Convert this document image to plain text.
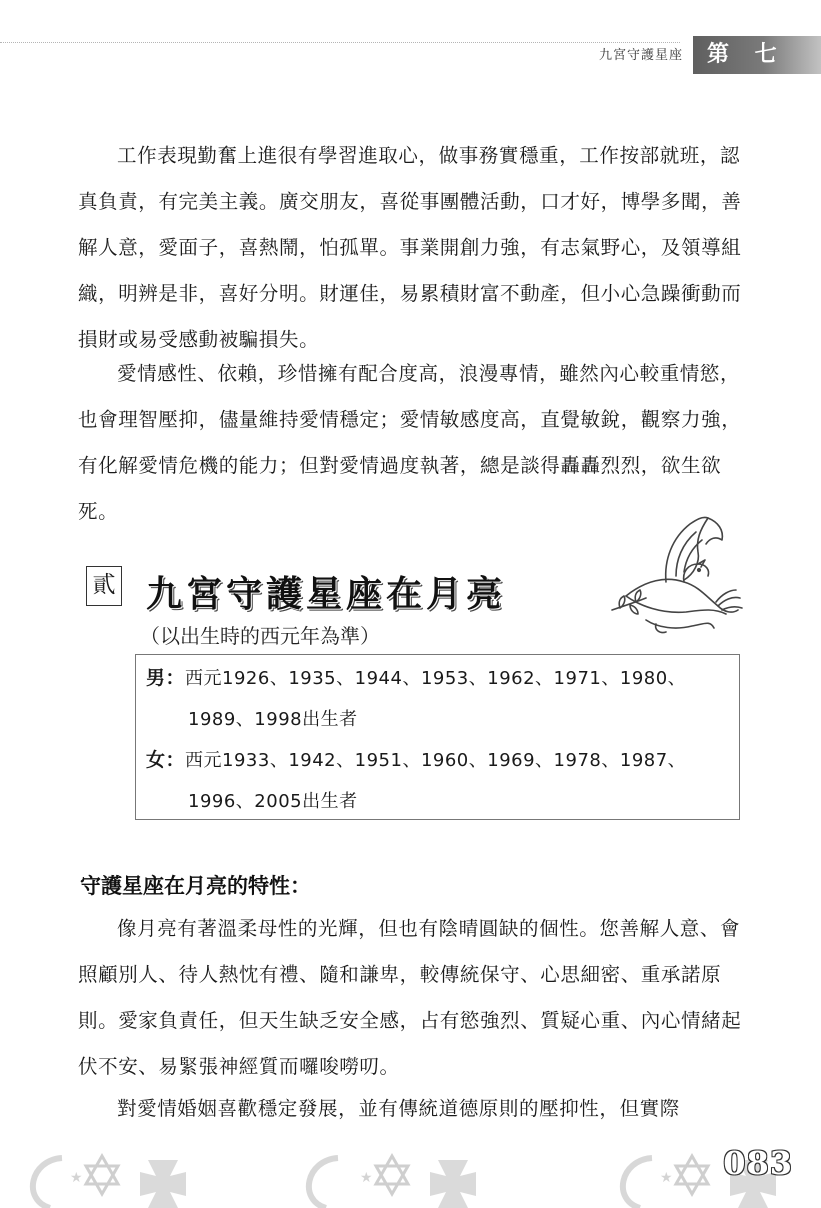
九宮守護星座	第 七 章

工作表現勤奮上進很有學習進取心，做事務實穩重，工作按部就班，認真負責，有完美主義。廣交朋友，喜從事團體活動，口才好，博學多聞，善解人意，愛面子，喜熱鬧，怕孤單。事業開創力強，有志氣野心，及領導組織，明辨是非，喜好分明。財運佳，易累積財富不動產，但小心急躁衝動而損財或易受感動被騙損失。

愛情感性、依賴，珍惜擁有配合度高，浪漫專情，雖然內心較重情慾，也會理智壓抑，儘量維持愛情穩定；愛情敏感度高，直覺敏銳，觀察力強，有化解愛情危機的能力；但對愛情過度執著，總是談得轟轟烈烈，欲生欲死。

貳 九宮守護星座在月亮
（以出生時的西元年為準）
男：西元1926、1935、1944、1953、1962、1971、1980、
1989、1998出生者
女：西元1933、1942、1951、1960、1969、1978、1987、
1996、2005出生者
守護星座在月亮的特性：

像月亮有著溫柔母性的光輝，但也有陰晴圓缺的個性。您善解人意、會照顧別人、待人熱忱有禮、隨和謙卑，較傳統保守、心思細密、重承諾原則。愛家負責任，但天生缺乏安全感，占有慾強烈、質疑心重、內心情緒起伏不安、易緊張神經質而囉唆嘮叨。

對愛情婚姻喜歡穩定發展，並有傳統道德原則的壓抑性，但實際

★	★	★ 083
